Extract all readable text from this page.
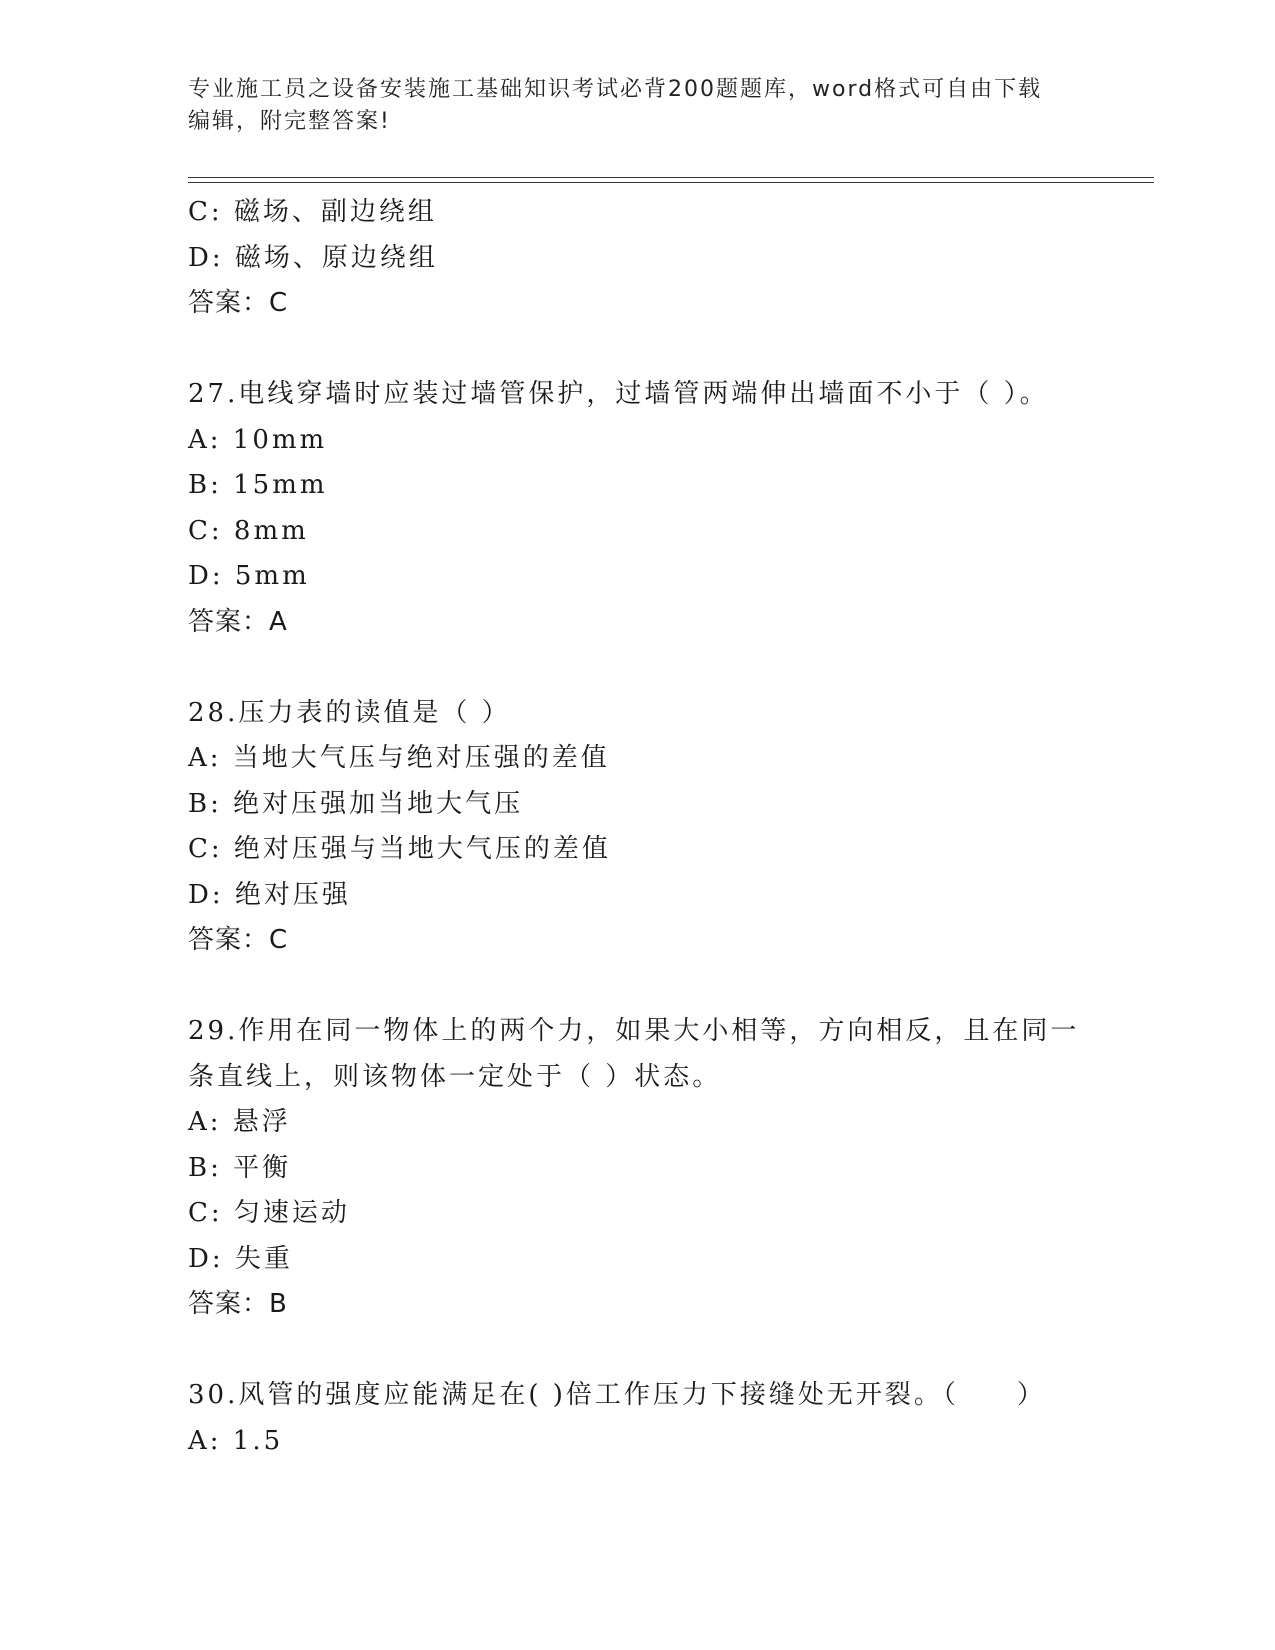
专业施工员之设备安装施工基础知识考试必背200题题库，word格式可自由下载
编辑，附完整答案!
C: 磁场、副边绕组
D: 磁场、原边绕组
答案：C
27.电线穿墙时应装过墙管保护，过墙管两端伸出墙面不小于（ ）。
A: 10mm
B: 15mm
C: 8mm
D: 5mm
答案：A
28.压力表的读值是（ ）
A: 当地大气压与绝对压强的差值
B: 绝对压强加当地大气压
C: 绝对压强与当地大气压的差值
D: 绝对压强
答案：C
29.作用在同一物体上的两个力，如果大小相等，方向相反，且在同一
条直线上，则该物体一定处于（ ）状态。
A: 悬浮
B: 平衡
C: 匀速运动
D: 失重
答案：B
30.风管的强度应能满足在( )倍工作压力下接缝处无开裂。（　　）
A: 1.5
